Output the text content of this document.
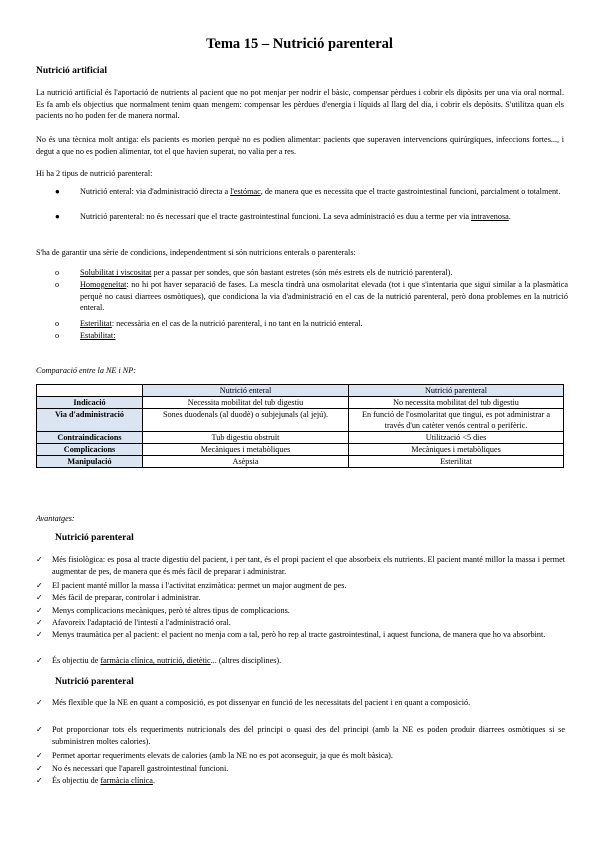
Tema 15 – Nutrició parenteral
Nutrició artificial
La nutrició artificial és l'aportació de nutrients al pacient que no pot menjar per nodrir el bàsic, compensar pèrdues i cobrir els dipòsits per una via oral normal. Es fa amb els objectius que normalment tenim quan mengem: compensar les pèrdues d'energia i líquids al llarg del dia, i cobrir els depòsits. S'utilitza quan els pacients no ho poden fer de manera normal.
No és una tècnica molt antiga: els pacients es morien perquè no es podien alimentar: pacients que superaven intervencions quirúrgiques, infeccions fortes..., i degut a que no es podien alimentar, tot el que havien superat, no valia per a res.
Hi ha 2 tipus de nutrició parenteral:
● Nutrició enteral: via d'administració directa a l'estómac, de manera que es necessita que el tracte gastrointestinal funcioni, parcialment o totalment.
● Nutrició parenteral: no és necessari que el tracte gastrointestinal funcioni. La seva administració es duu a terme per via intravenosa.
S'ha de garantir una sèrie de condicions, independentment si són nutricions enterals o parenterals:
o	Solubilitat i viscositat per a passar per sondes, que són bastant estretes (són més estrets els de nutrició parenteral).
o	Homogeneïtat: no hi pot haver separació de fases. La mescla tindrà una osmolaritat elevada (tot i que s'intentaria que sigui similar a la plasmàtica perquè no causi diarrees osmòtiques), que condiciona la via d'administració en el cas de la nutrició parenteral, però dona problemes en la nutrició enteral.
o	Esterilitat: necessària en el cas de la nutrició parenteral, i no tant en la nutrició enteral.
o	Estabilitat:
Comparació entre la NE i NP:
	Nutrició enteral	Nutrició parenteral
Indicació	Necessita mobilitat del tub digestiu	No necessita mobilitat del tub digestiu
Via d'administració	Sones duodenals (al duodè) o subjejunals (al jejú).	En funció de l'osmolaritat que tingui, es pot administrar a través d'un catèter venós central o perifèric.
Contraindicacions	Tub digestiu obstruït	Utilització <5 dies
Complicacions	Mecàniques i metabòliques	Mecàniques i metabòliques
Manipulació	Asèpsia	Esterilitat
Avantatges:
Nutrició parenteral
✓ Més fisiològica: es posa al tracte digestiu del pacient, i per tant, és el propi pacient el que absorbeix els nutrients. El pacient manté millor la massa i permet augmentar de pes, de manera que és més fàcil de preparar i administrar.
✓ El pacient manté millor la massa i l'activitat enzimàtica: permet un major augment de pes.
✓ Més fàcil de preparar, controlar i administrar.
✓ Menys complicacions mecàniques, però té altres tipus de complicacions.
✓ Afavoreix l'adaptació de l'intestí a l'administració oral.
✓ Menys traumàtica per al pacient: el pacient no menja com a tal, però ho rep al tracte gastrointestinal, i aquest funciona, de manera que ho va absorbint.
✓ És objectiu de farmàcia clínica, nutrició, dietètic... (altres disciplines).
Nutrició parenteral
✓ Més flexible que la NE en quant a composició, es pot dissenyar en funció de les necessitats del pacient i en quant a composició.
✓ Pot proporcionar tots els requeriments nutricionals des del principi o quasi des del principi (amb la NE es poden produir diarrees osmòtiques si se subministren moltes calories).
✓ Permet aportar requeriments elevats de calories (amb la NE no es pot aconseguir, ja que és molt bàsica).
✓ No és necessari que l'aparell gastrointestinal funcioni.
✓ És objectiu de farmàcia clínica.
